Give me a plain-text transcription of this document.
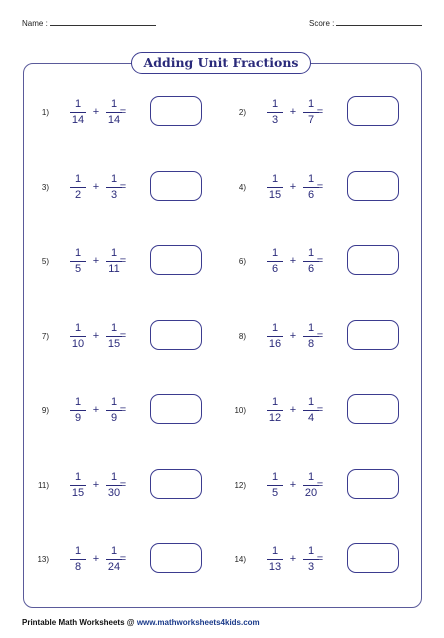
Name :	Score :
Adding Unit Fractions
1)
1
14
+
1
14
=	2)
1
3
+
1
7
=
3)
1
2
+
1
3
=	4)
1
15
+
1
6
=
5)
1
5
+
1
11
=	6)
1
6
+
1
6
=
7)
1
10
+
1
15
=	8)
1
16
+
1
8
=
9)
1
9
+
1
9
=	10)
1
12
+
1
4
=
11)
1
15
+
1
30
=	12)
1
5
+
1
20
=
13)
1
8
+
1
24
=	14)
1
13
+
1
3
=
Printable Math Worksheets @ www.mathworksheets4kids.com
